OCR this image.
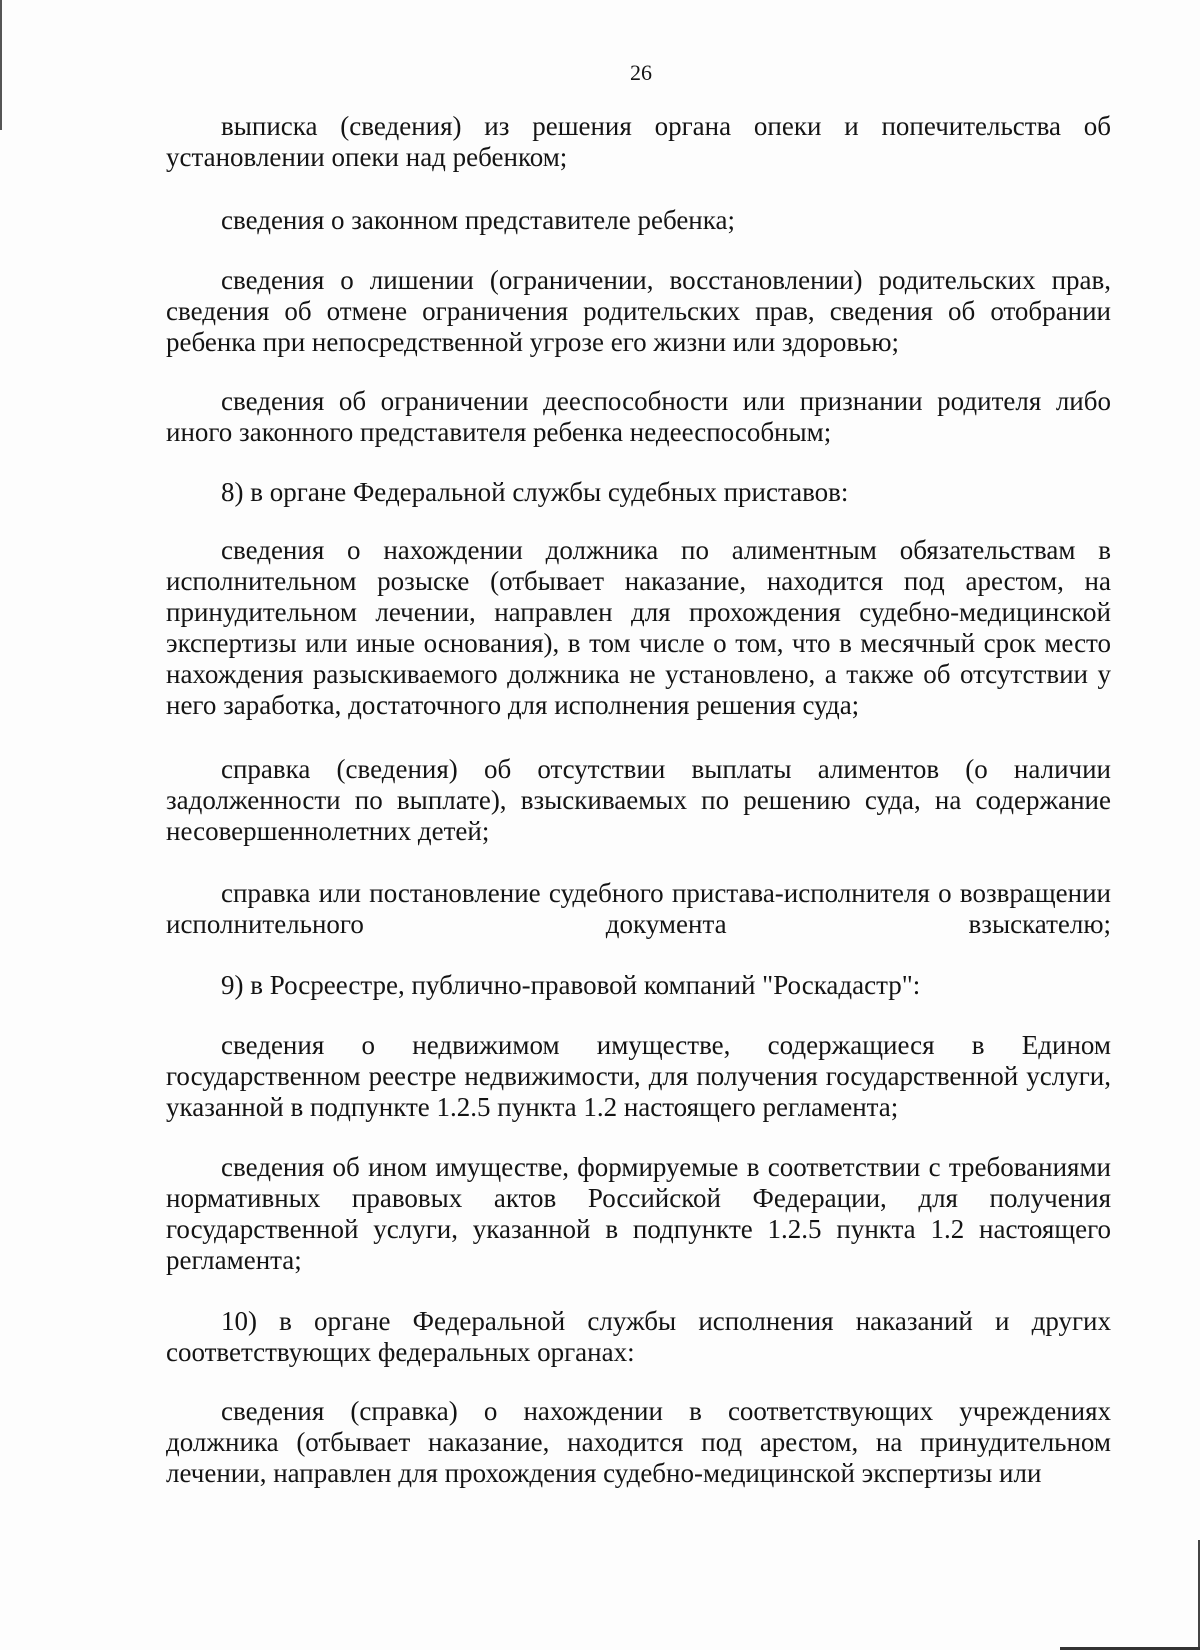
26

выписка (сведения) из решения органа опеки и попечительства об установлении опеки над ребенком;

сведения о законном представителе ребенка;

сведения о лишении (ограничении, восстановлении) родительских прав, сведения об отмене ограничения родительских прав, сведения об отобрании ребенка при непосредственной угрозе его жизни или здоровью;

сведения об ограничении дееспособности или признании родителя либо иного законного представителя ребенка недееспособным;

8) в органе Федеральной службы судебных приставов:

сведения о нахождении должника по алиментным обязательствам в исполнительном розыске (отбывает наказание, находится под арестом, на принудительном лечении, направлен для прохождения судебно-медицинской экспертизы или иные основания), в том числе о том, что в месячный срок место нахождения разыскиваемого должника не установлено, а также об отсутствии у него заработка, достаточного для исполнения решения суда;

справка (сведения) об отсутствии выплаты алиментов (о наличии задолженности по выплате), взыскиваемых по решению суда, на содержание несовершеннолетних детей;

справка или постановление судебного пристава-исполнителя о возвращении исполнительного документа взыскателю;

9) в Росреестре, публично-правовой компаний "Роскадастр":

сведения о недвижимом имуществе, содержащиеся в Едином государственном реестре недвижимости, для получения государственной услуги, указанной в подпункте 1.2.5 пункта 1.2 настоящего регламента;

сведения об ином имуществе, формируемые в соответствии с требованиями нормативных правовых актов Российской Федерации, для получения государственной услуги, указанной в подпункте 1.2.5 пункта 1.2 настоящего регламента;

10) в органе Федеральной службы исполнения наказаний и других соответствующих федеральных органах:

сведения (справка) о нахождении в соответствующих учреждениях должника (отбывает наказание, находится под арестом, на принудительном лечении, направлен для прохождения судебно-медицинской экспертизы или
